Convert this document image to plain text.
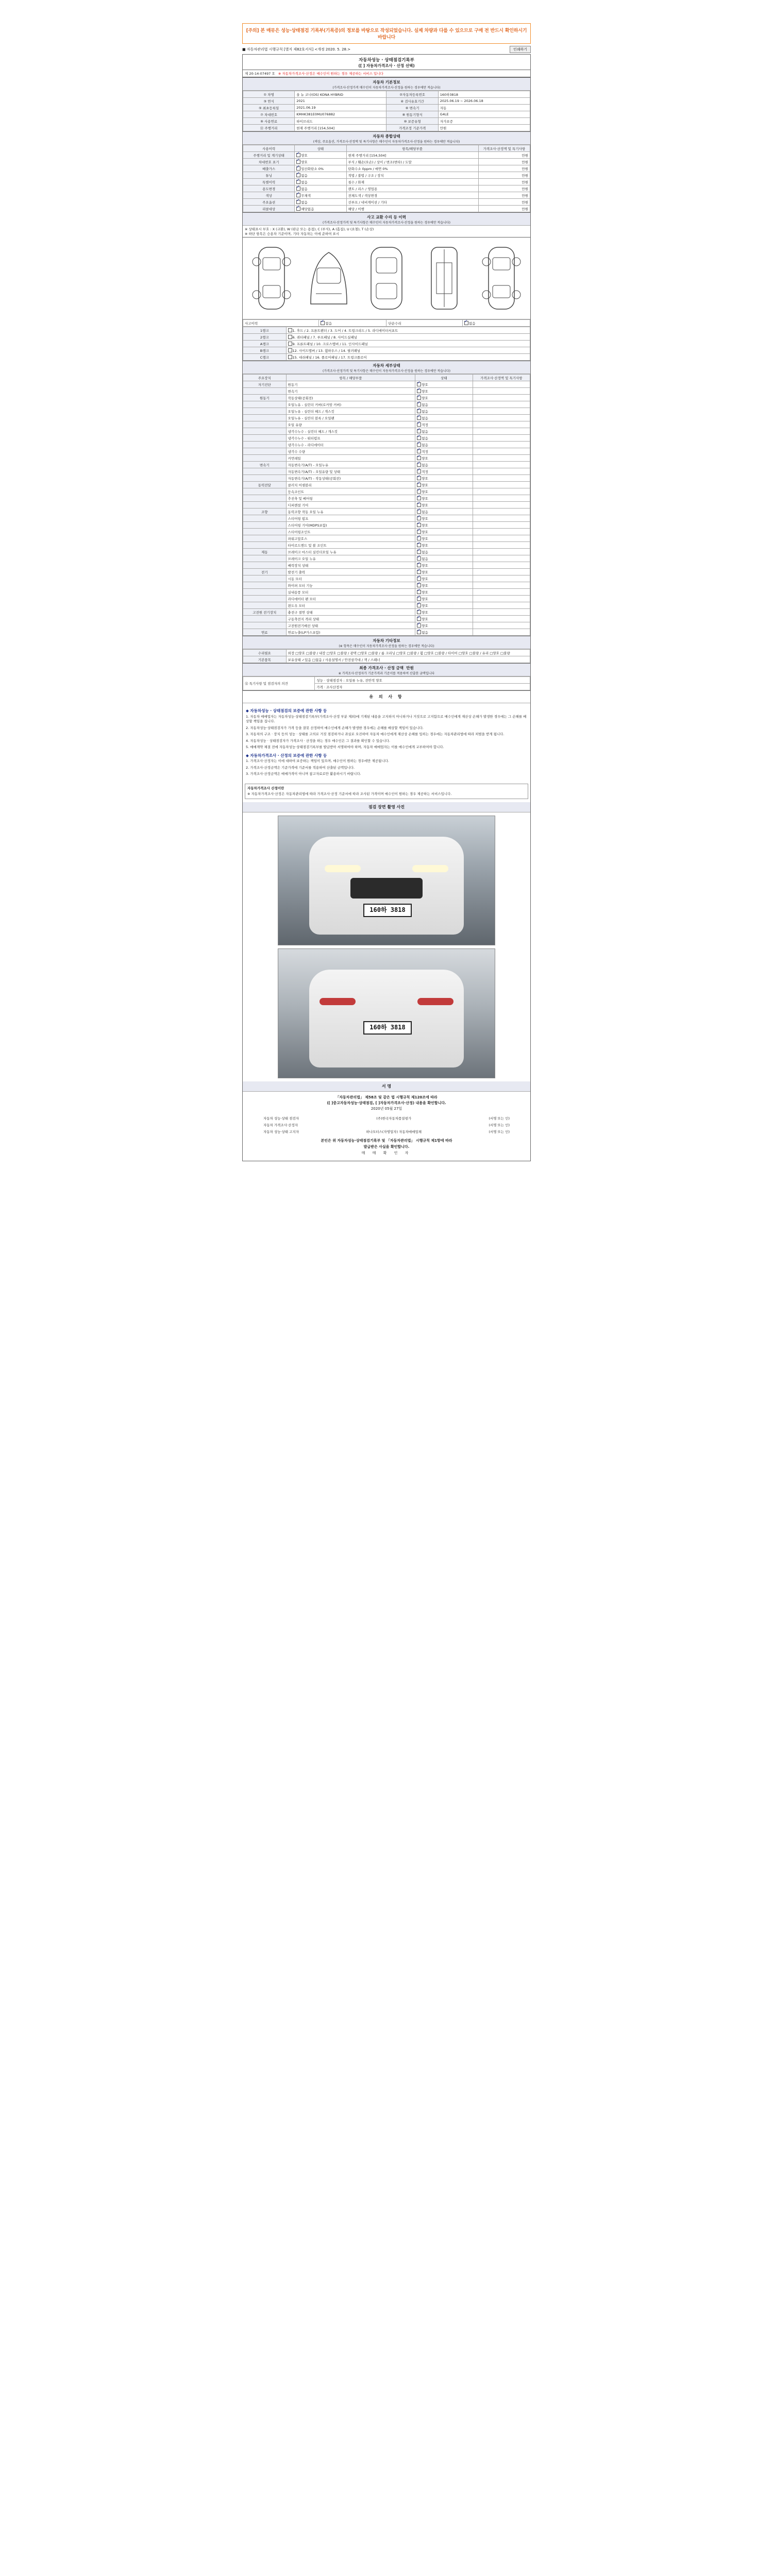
[주의] 본 매뮤은 성능·상태점검 기록부(기록증)의 정보를 바탕으로 작성되었습니다. 실제 차량과 다를 수 있으므로 구매 전 반드시 확인하시기 바랍니다
■ 자동차관리법 시행규칙 [별지 제82호서식] <개정 2020. 5. 28.>	인쇄하기
자동차성능 · 상태점검기록부
([ ] 자동차가격조사 · 산정 선택)
제 20-14-07497 호 ※ 자동차가격조사·산정은 매수인이 원하는 경우 제공하는 서비스 입니다
자동차 기본정보
(가격조사·산정가격 매수인이 자동차가격조사·산정을 원하는 경우에만 적습니다)
① 차명	올 뉴 코나(OS) KONA HYBRID	②자동차등록번호	160하3818
③ 연식	2021	④ 검사유효기간	2025.06.19 ~ 2026.06.18
⑤ 최초등록일	2021.06.19	⑥ 변속기	자동
⑦ 차대번호	KMHK381E0MU076882	⑧ 원동기형식	G4LE
⑨ 사용연료	하이브리드	⑩ 보증유형	자가보증
⑪ 주행거리	현재 주행거리 [154,504]	가격조정 기준가격	만원
자동차 종합상태
(색상, 주요옵션, 가격조사·산정액 및 특기사항은 매수인이 자동차가격조사·산정을 원하는 경우에만 적습니다)
사용이력	상태	항목/해당부품	가격조사·산정액 및 특기사항
주행거리 및 계기상태	✓양호	현재 주행거리 [154,504]	만원
차대번호 표기	✓양호	부식 / 훼손(오손) / 상이 / 변조(변타) / 도말	만원
배출가스	✓일산화탄소 0%	탄화수소 0ppm / 매연 0%	만원
튜닝	✓없음	적법 / 불법 / 구조 / 장치	만원
특별이력	✓없음	침수 / 화재	만원
용도변경	✓없음	렌트 / 리스 / 영업용	만원
색상	✓무채색	전체도색 / 색상변경	만원
주요옵션	✓없음	선루프 / 네비게이션 / 기타	만원
리콜대상	✓해당없음	해당 / 이행	만원
사고 교환 수리 등 이력
(가격조사·산정가격 및 특기사항은 매수인이 자동차가격조사·산정을 원하는 경우에만 적습니다)
※ 상태표시 부호 : X (교환), W (판금 또는 용접), C (부식), A (흠집), U (요철), T (손상)
※ 하단 항목은 승용차 기준이며, 기타 자동차는 이에 준하여 표시
사고이력	✓없음	단순수리	✓없음
1랭크	1. 후드 / 2. 프론트펜더 / 3. 도어 / 4. 트렁크리드 / 5. 라디에이터서포트
2랭크	6. 쿼터패널 / 7. 루프패널 / 8. 사이드실패널
A랭크	9. 프론트패널 / 10. 크로스멤버 / 11. 인사이드패널
B랭크	12. 사이드멤버 / 13. 휠하우스 / 14. 필러패널
C랭크	15. 대쉬패널 / 16. 플로어패널 / 17. 트렁크플로어
자동차 세부상태
(가격조사·산정가격 및 특기사항은 매수인이 자동차가격조사·산정을 원하는 경우에만 적습니다)
주요장치	항목 / 해당부품	상태	가격조사·산정액 및 특기사항
자기진단	원동기	✓양호	
	변속기	✓양호	
원동기	작동상태(공회전)	✓양호	
	오일누유 - 실린더 커버(로커암 커버)	✓없음	
	오일누유 - 실린더 헤드 / 개스킷	✓없음	
	오일누유 - 실린더 블록 / 오일팬	✓없음	
	오일 유량	✓적정	
	냉각수누수 - 실린더 헤드 / 개스킷	✓없음	
	냉각수누수 - 워터펌프	✓없음	
	냉각수누수 - 라디에이터	✓없음	
	냉각수 수량	✓적정	
	커먼레일	✓양호	
변속기	자동변속기(A/T) - 오일누유	✓없음	
	자동변속기(A/T) - 오일유량 및 상태	✓적정	
	자동변속기(A/T) - 작동상태(공회전)	✓양호	
동력전달	클러치 어셈블리	✓양호	
	등속조인트	✓양호	
	추진축 및 베어링	✓양호	
	디퍼렌셜 기어	✓양호	
조향	동력조향 작동 오일 누유	✓없음	
	스티어링 펌프	✓양호	
	스티어링 기어(MDPS포함)	✓양호	
	스티어링조인트	✓양호	
	파워고압호스	✓양호	
	타이로드엔드 및 볼 조인트	✓양호	
제동	브레이크 마스터 실린더오일 누유	✓없음	
	브레이크 오일 누유	✓없음	
	배력장치 상태	✓양호	
전기	발전기 출력	✓양호	
	시동 모터	✓양호	
	와이퍼 모터 기능	✓양호	
	실내송풍 모터	✓양호	
	라디에이터 팬 모터	✓양호	
	윈도우 모터	✓양호	
고전원 전기장치	충전구 절연 상태	✓양호	
	구동축전지 격리 상태	✓양호	
	고전원전기배선 상태	✓양호	
연료	연료누출(LP가스포함)	✓없음	
자동차 기타정보
(※ 항목은 매수인이 자동차가격조사·산정을 원하는 경우에만 적습니다)
수리필요	외장 □양호 □불량 / 내장 □양호 □불량 / 광택 □양호 □불량 / 룸 크리닝 □양호 □불량 / 휠 □양호 □불량 / 타이어 □양호 □불량 / 유리 □양호 □불량
기본품목	보유상태 ✓있음 □없음 / 사용설명서 / 안전삼각대 / 잭 / 스패너
최종 가격조사 · 산정 금액 만원
※ 가격조사·산정자가 기준가격과 기준서를 적용하여 산출한 금액입니다
⑫ 특기사항 및 점검자의 의견	성능 · 상태점검자 : 오일류 누유, 전반적 양호
가격 · 조사산정자
유 의 사 항
◆ 자동차성능 · 상태점검의 보증에 관한 사항 등

1. 자동차 매매업자는 자동차성능·상태점검기록부(가격조사·산정 부분 제외)에 기재된 내용을 고지하지 아니하거나 거짓으로 고지함으로 매수인에게 재산상 손해가 발생한 경우에는 그 손해를 배상할 책임을 집니다.

2. 자동차성능·상태점검자가 가격 등을 잘못 산정하여 매수인에게 손해가 발생한 경우에는 손해를 배상할 책임이 있습니다.

3. 자동차의 구조 · 장치 등의 성능 · 상태를 고의로 거짓 점검하거나 과실로 오진하여 자동차 매수인에게 재산상 손해를 입히는 경우에는 자동차관리법에 따라 처벌을 받게 됩니다.

4. 자동차성능 · 상태점검자가 가격조사 · 산정을 하는 경우 매수인은 그 결과를 확인할 수 있습니다.

5. 매매계약 체결 전에 자동차성능·상태점검기록부를 발급받아 서명하여야 하며, 자동차 매매업자는 이를 매수인에게 교부하여야 합니다.

◆ 자동차가격조사 · 산정의 보증에 관한 사항 등

1. 가격조사·산정자는 이에 대하여 보증하는 책임이 있으며, 매수인이 원하는 경우에만 제공됩니다.

2. 가격조사·산정금액은 기준가격에 기준서를 적용하여 산출된 금액입니다.

3. 가격조사·산정금액은 매매가격이 아니며 참고자료로만 활용하시기 바랍니다.

자동차가격조사 산정이란
※ 자동차가격조사·산정은 자동차관리법에 따라 가격조사·산정 기준서에 따라 조사된 가격이며 매수인이 원하는 경우 제공하는 서비스입니다.
점검 장면 촬영 사진
160하 3818
160하 3818
서 명
「자동차관리법」 제58조 및 같은 법 시행규칙 제120조에 따라
([ ]중고자동차성능·상태점검, [ ]자동차가격조사·산정) 내용을 확인합니다.
2020년 05월 27일
자동차 성능·상태 점검자	(주)한국자동차품질평가	(서명 또는 인)
자동차 가격조사·산정자	(서명 또는 인)
자동차 성능·상태 고지자	하나모터스(자영업자) 자동차매매업체	(서명 또는 인)
본인은 위 자동차성능·상태점검기록부 및 「자동차관리법」 시행규칙 제1항에 따라
발급받은 사실을 확인합니다.
매 매 확 인 자
